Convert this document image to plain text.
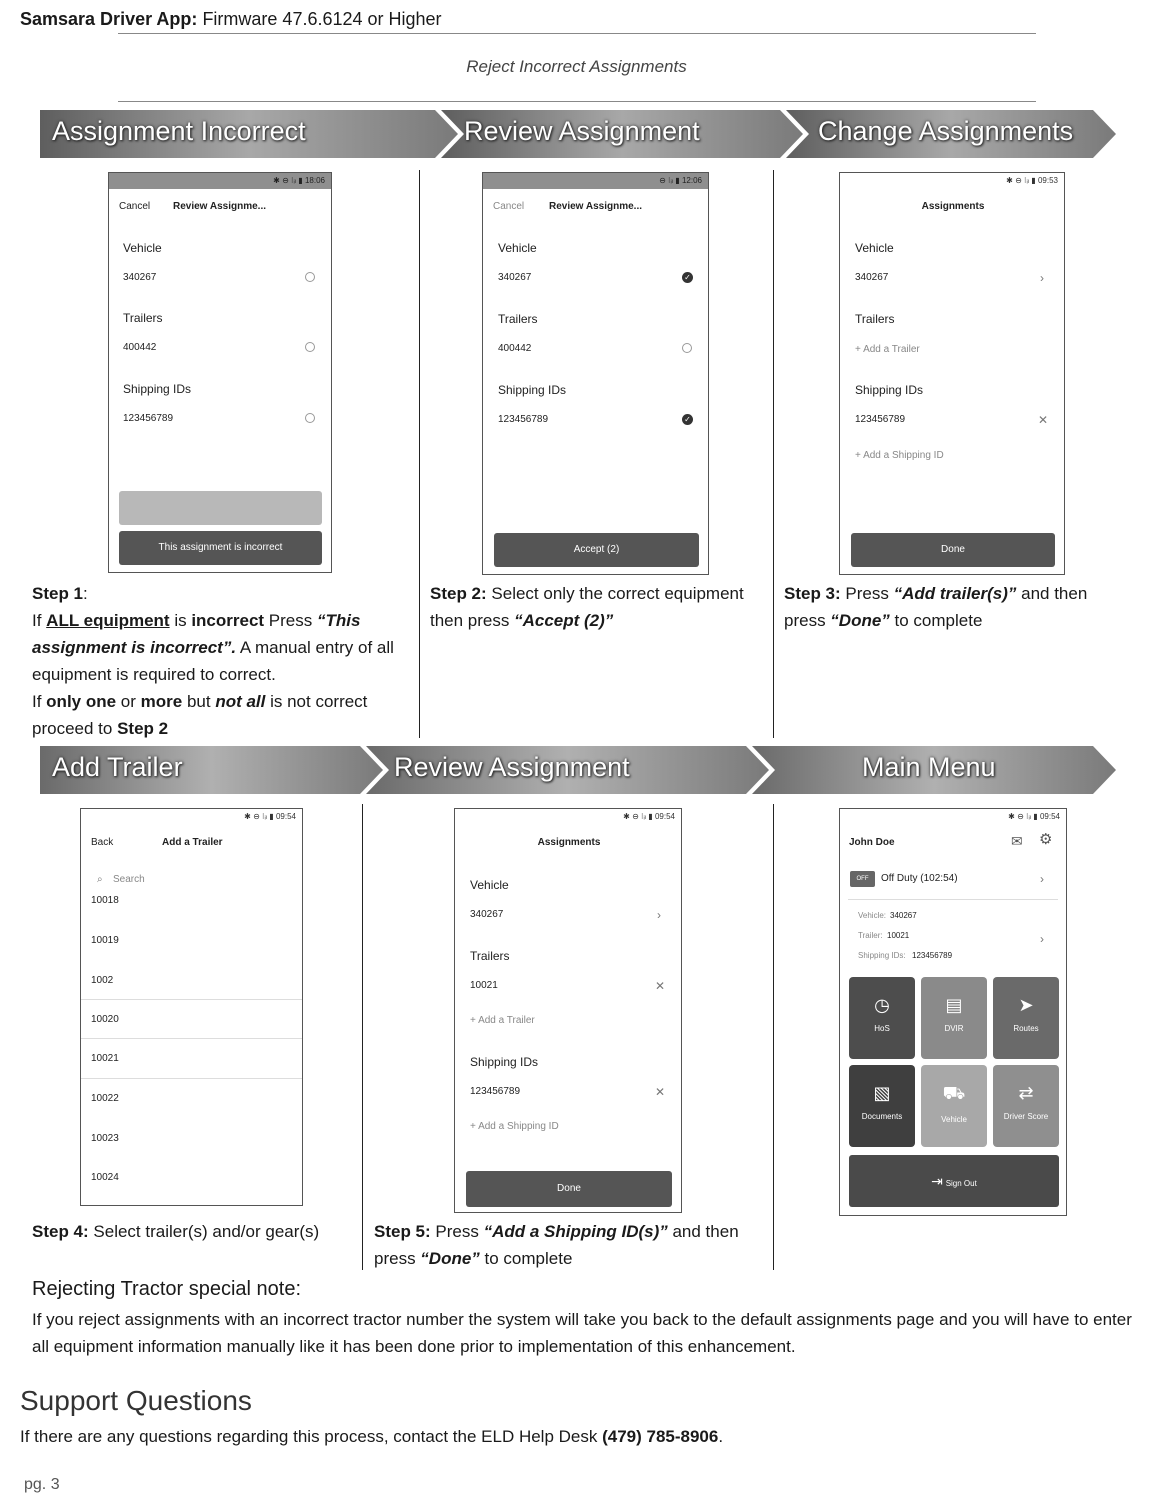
Samsara Driver App: Firmware 47.6.6124 or Higher
Reject Incorrect Assignments
Assignment Incorrect	Review Assignment	Change Assignments
✱ ⊖ ⁝ᵢₗ ▮ 18:06
Cancel Review Assignme...
Vehicle
340267
Trailers
400442
Shipping IDs
123456789
This assignment is incorrect
⊖ ⁝ᵢₗ ▮ 12:06
Cancel Review Assignme...
Vehicle
340267	✓
Trailers
400442
Shipping IDs
123456789	✓
Accept (2)
✱ ⊖ ⁝ᵢₗ ▮ 09:53
Assignments
Vehicle
340267	›
Trailers
+ Add a Trailer
Shipping IDs
123456789	✕
+ Add a Shipping ID
Done
Step 1:
If ALL equipment is incorrect Press “This assignment is incorrect”. A manual entry of all equipment is required to correct.
If only one or more but not all is not correct proceed to Step 2
Step 2: Select only the correct equipment then press “Accept (2)”
Step 3: Press “Add trailer(s)” and then press “Done” to complete
Add Trailer	Review Assignment	Main Menu
✱ ⊖ ⁝ᵢₗ ▮ 09:54
Back	Add a Trailer
⌕ Search
10018
10019
1002
10020
10021
10022
10023
10024
✱ ⊖ ⁝ᵢₗ ▮ 09:54
Assignments
Vehicle
340267	›
Trailers
10021	✕
+ Add a Trailer
Shipping IDs
123456789	✕
+ Add a Shipping ID
Done
✱ ⊖ ⁝ᵢₗ ▮ 09:54
John Doe	✉ ⚙
OFF	Off Duty (102:54)	›
Vehicle: 340267
Trailer: 10021	›
Shipping IDs: 123456789
◷
HoS
▤
DVIR
➤
Routes
▧
Documents
⛟
Vehicle
⇄
Driver Score
⇥ Sign Out
Step 4: Select trailer(s) and/or gear(s)	Step 5: Press “Add a Shipping ID(s)” and then press “Done” to complete
Rejecting Tractor special note:
If you reject assignments with an incorrect tractor number the system will take you back to the default assignments page and you will have to enter all equipment information manually like it has been done prior to implementation of this enhancement.
Support Questions
If there are any questions regarding this process, contact the ELD Help Desk (479) 785-8906.
pg. 3
